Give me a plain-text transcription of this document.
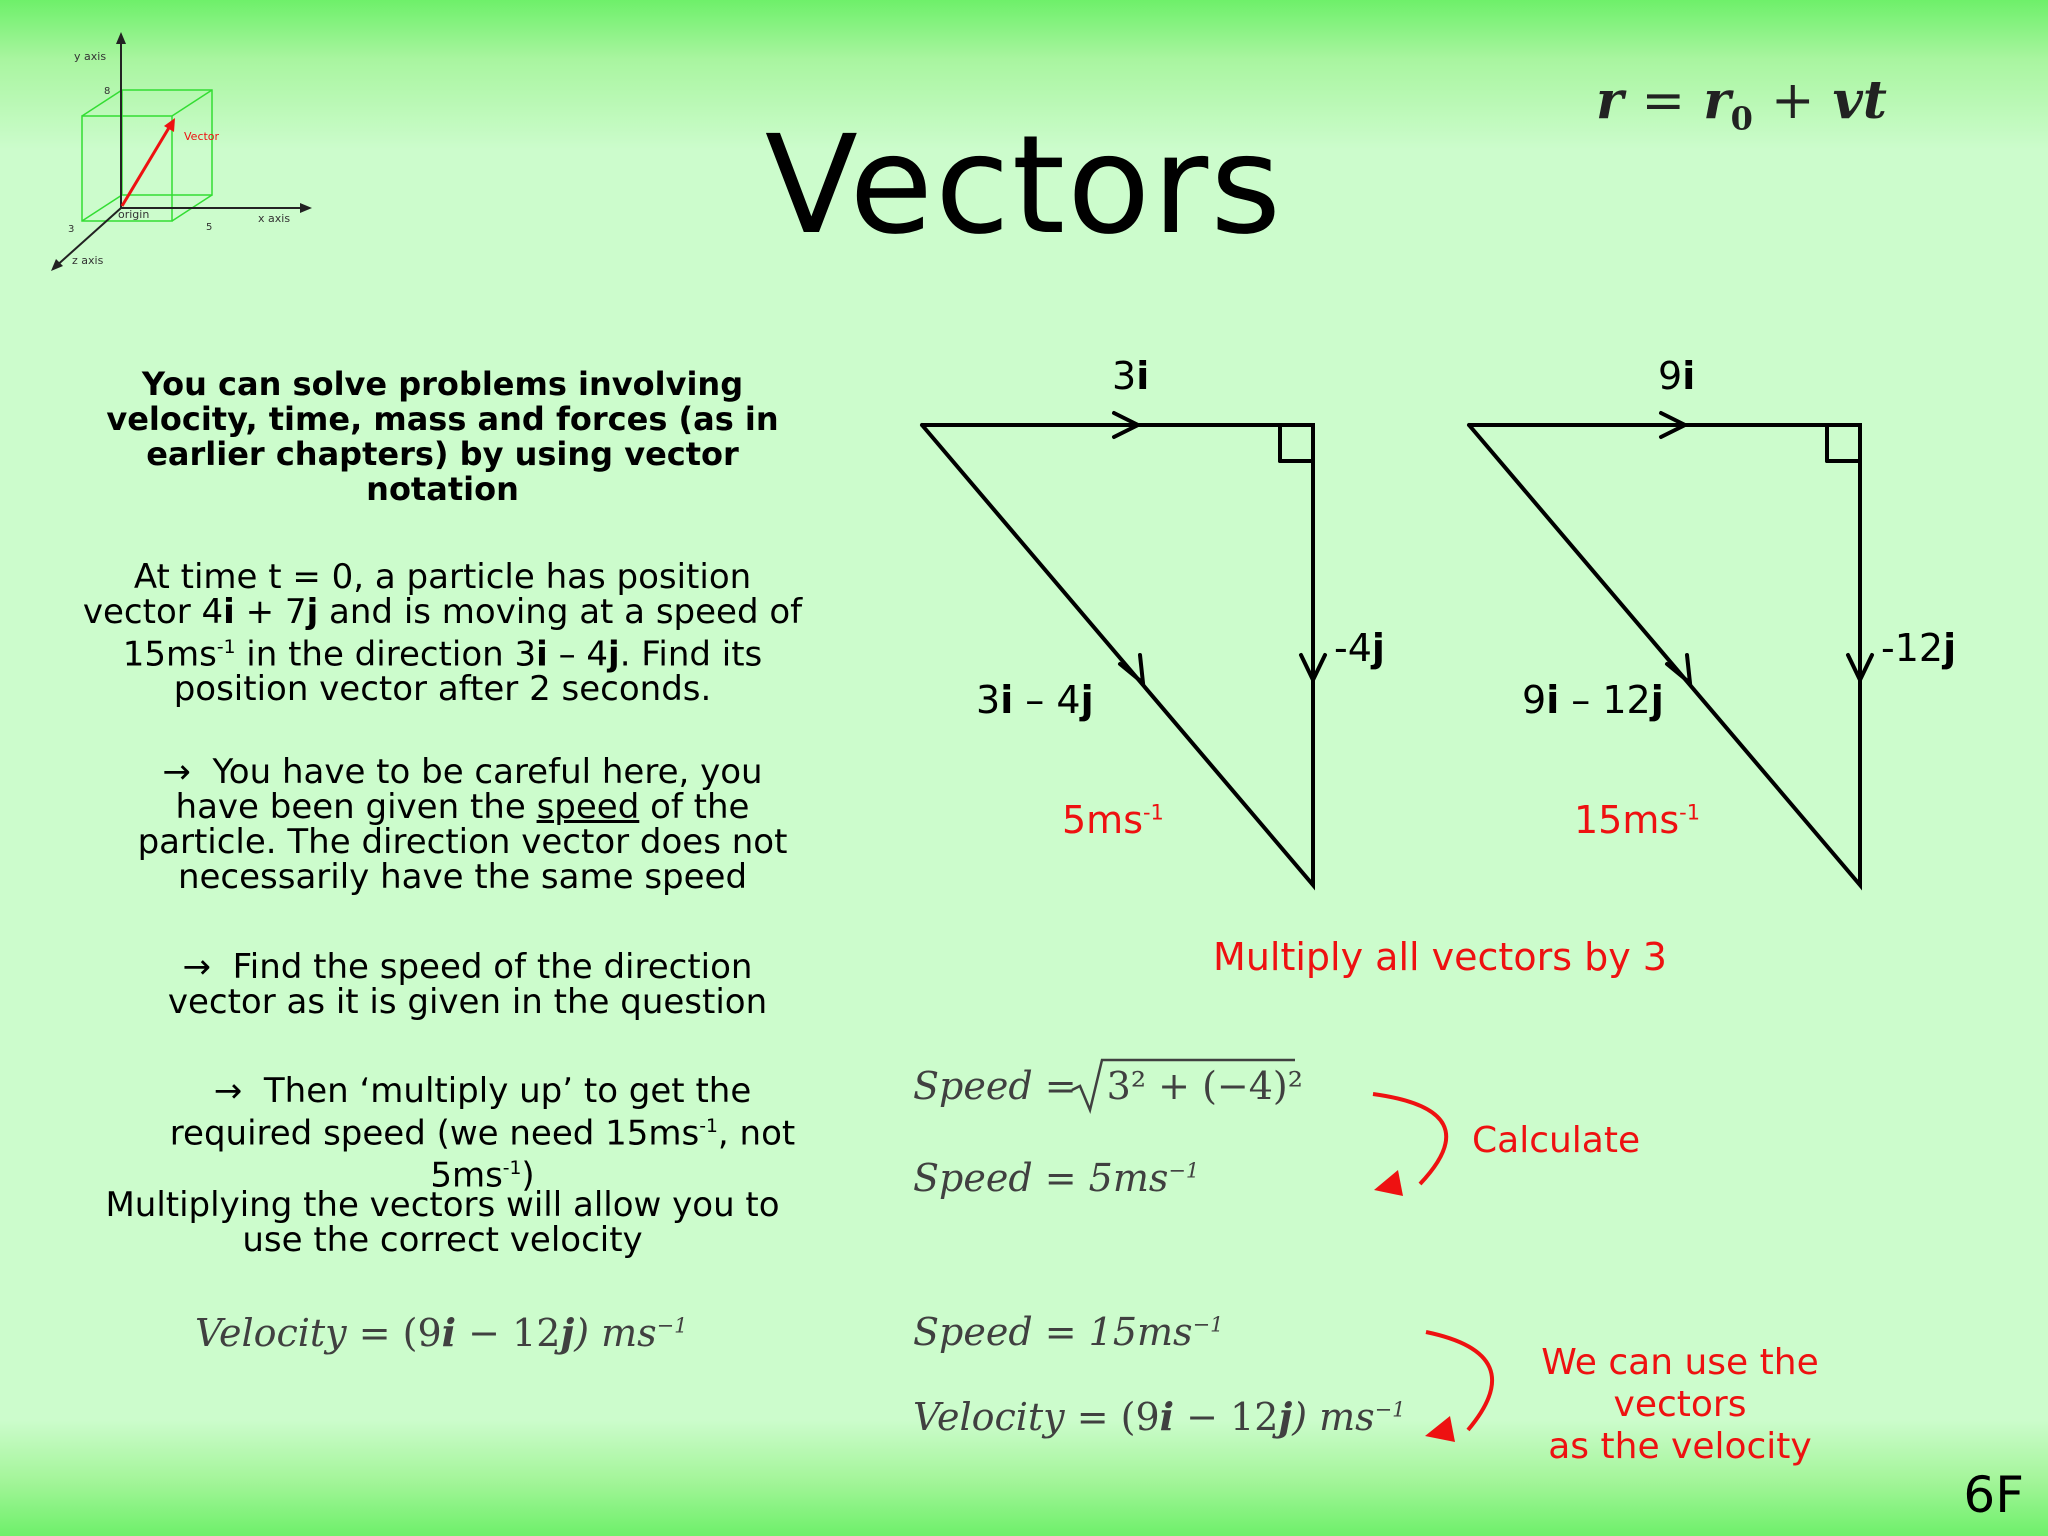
Vectors
$r = r_0$ + vt
y axis
x axis
z axis
origin
Vector
8
5
3
You can solve problems involving velocity, time, mass and forces (as in earlier chapters) by using vector notation
At time t = 0, a particle has position vector 4i + 7j and is moving at a speed of $15ms^{-1}$ in the direction 3i – 4j. Find its position vector after 2 seconds.
→ You have to be careful here, you have been given the speed of the particle. The direction vector does not necessarily have the same speed
→ Find the speed of the direction vector as it is given in the question
→ Then ‘multiply up’ to get the required speed (we need $15ms^{-1}$, not $5ms^{-1}$)
Multiplying the vectors will allow you to use the correct velocity
Velocity = (9i − 12j) $ms^{-1}$
3i
-4j
3i – 4j
$5ms^{-1}$
9i
-12j
9i – 12j
$15ms^{-1}$
Multiply all vectors by 3
Speed = 3² + (−4)²
Speed = $5ms^{-1}$
Calculate
Speed = $15ms^{-1}$
Velocity = (9i − 12j) $ms^{-1}$
We can use the vectors
as the velocity
6F
